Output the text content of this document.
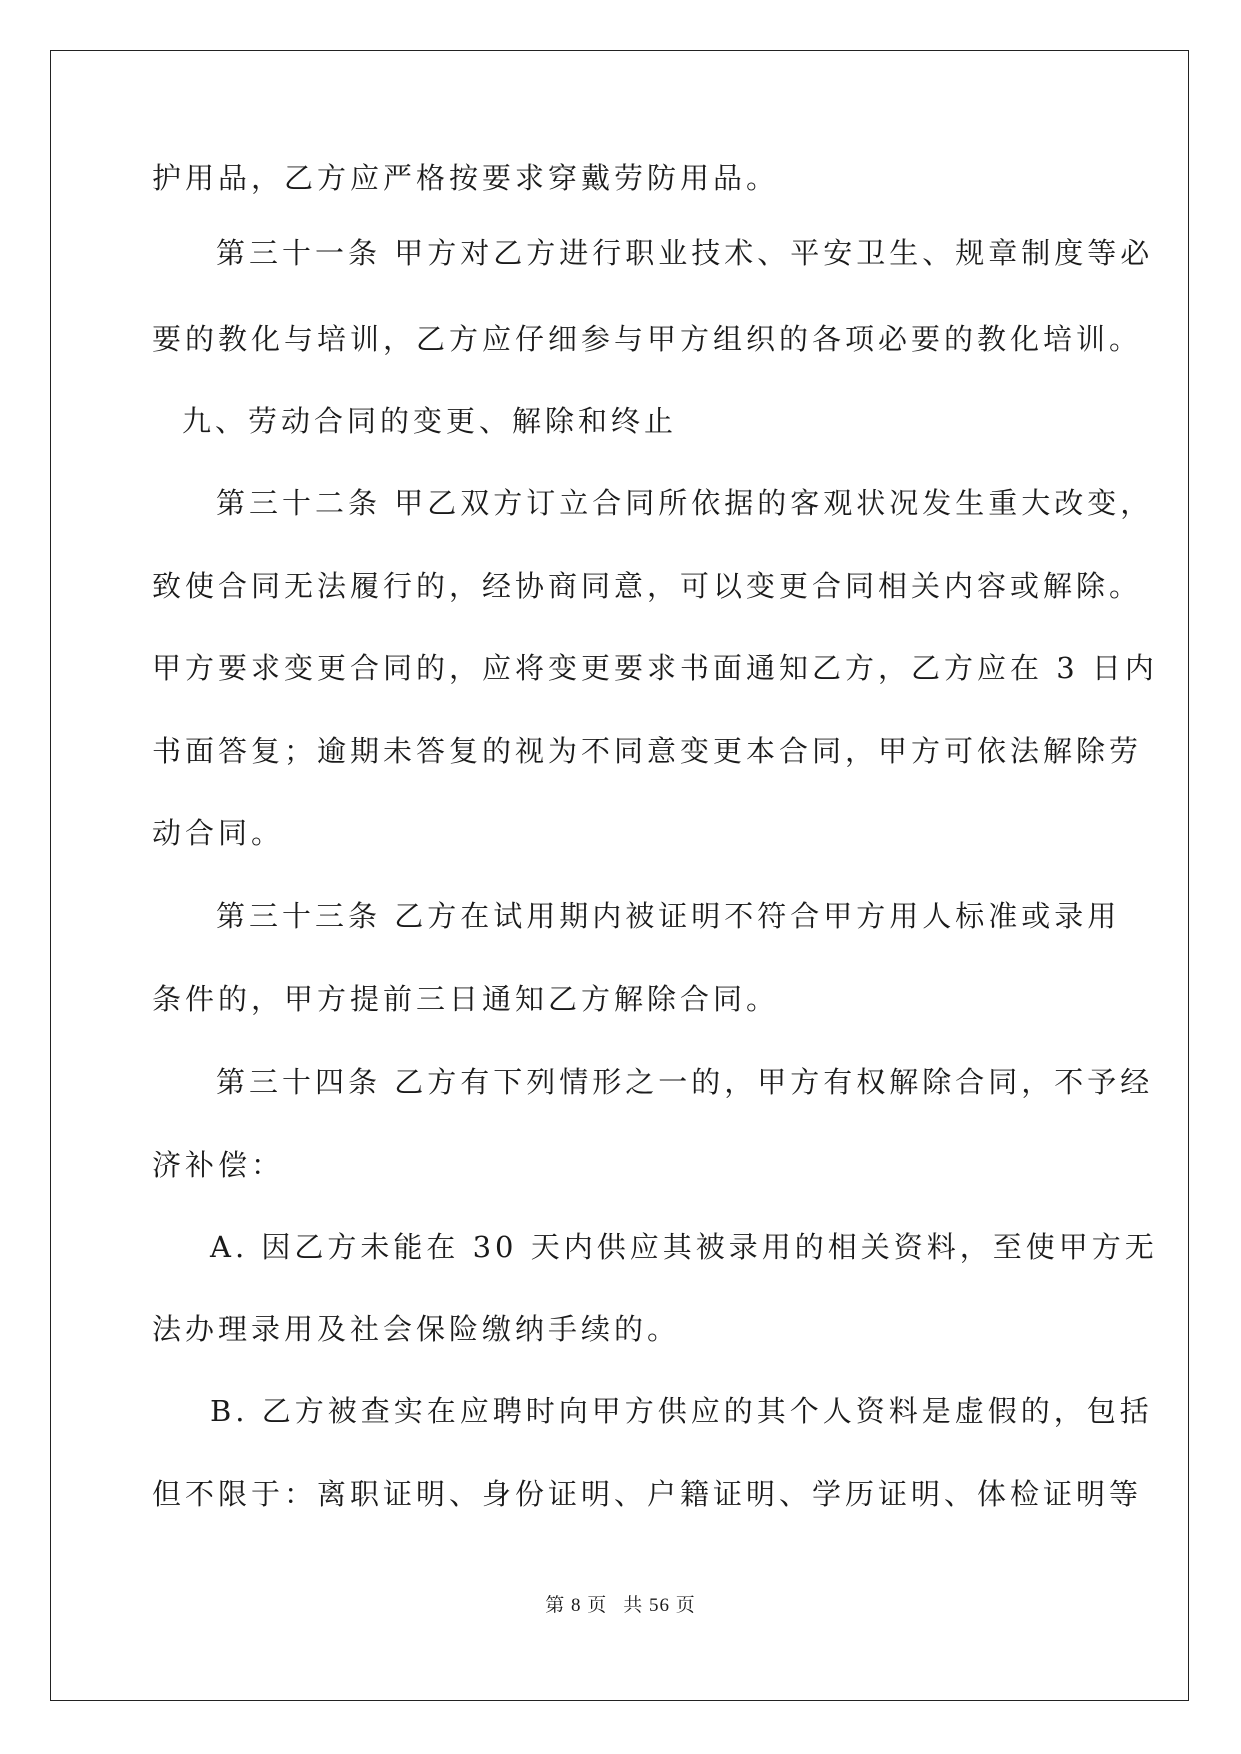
护用品，乙方应严格按要求穿戴劳防用品。
第三十一条 甲方对乙方进行职业技术、平安卫生、规章制度等必
要的教化与培训，乙方应仔细参与甲方组织的各项必要的教化培训。
九、劳动合同的变更、解除和终止
第三十二条 甲乙双方订立合同所依据的客观状况发生重大改变，
致使合同无法履行的，经协商同意，可以变更合同相关内容或解除。
甲方要求变更合同的，应将变更要求书面通知乙方，乙方应在 3 日内
书面答复；逾期未答复的视为不同意变更本合同，甲方可依法解除劳
动合同。
第三十三条 乙方在试用期内被证明不符合甲方用人标准或录用
条件的，甲方提前三日通知乙方解除合同。
第三十四条 乙方有下列情形之一的，甲方有权解除合同，不予经
济补偿：
A. 因乙方未能在 30 天内供应其被录用的相关资料，至使甲方无
法办理录用及社会保险缴纳手续的。
B. 乙方被查实在应聘时向甲方供应的其个人资料是虚假的，包括
但不限于：离职证明、身份证明、户籍证明、学历证明、体检证明等
第 8 页 共 56 页
